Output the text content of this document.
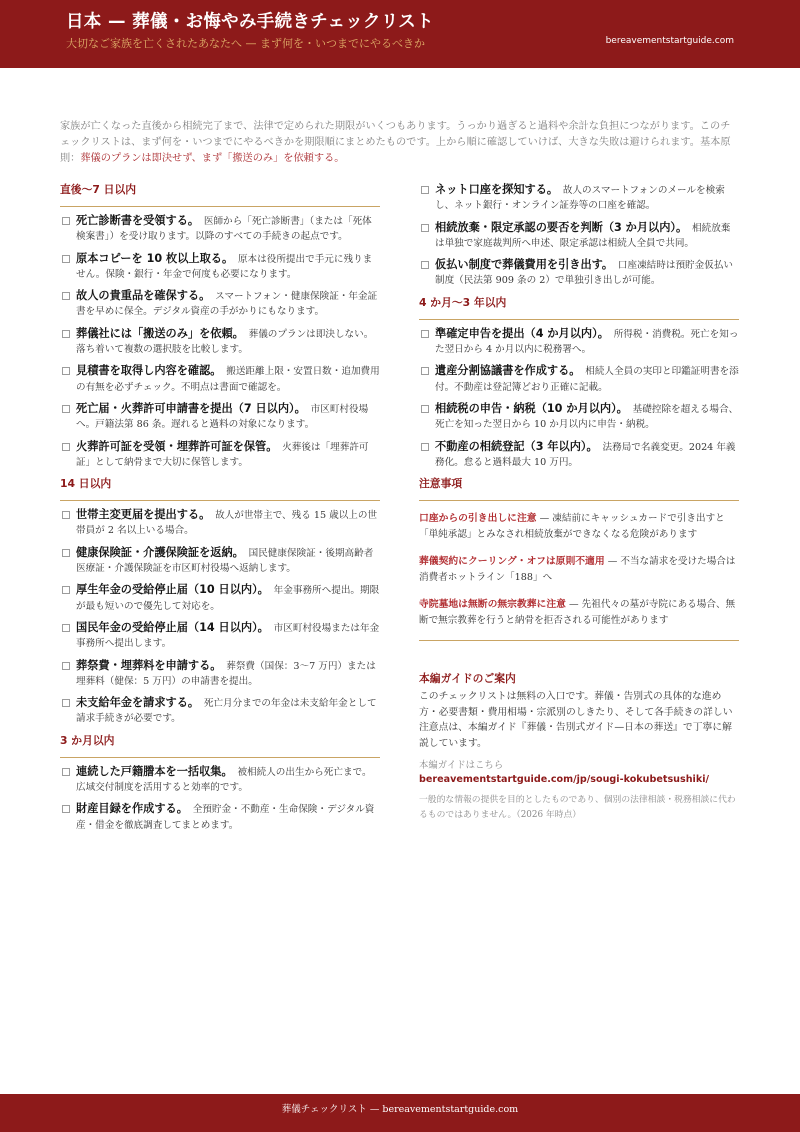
日本 — 葬儀・お悔やみ手続きチェックリスト
大切なご家族を亡くされたあなたへ — まず何を・いつまでにやるべきか	bereavementstartguide.com

家族が亡くなった直後から相続完了まで、法律で定められた期限がいくつもあります。うっかり過ぎると過料や余計な負担につながります。このチェックリストは、まず何を・いつまでにやるべきかを期限順にまとめたものです。上から順に確認していけば、大きな失敗は避けられます。基本原則：葬儀のプランは即決せず、まず「搬送のみ」を依頼する。

直後〜7 日以内
死亡診断書を受領する。  医師から「死亡診断書」（または「死体検案書」）を受け取ります。以降のすべての手続きの起点です。
原本コピーを 10 枚以上取る。  原本は役所提出で手元に残りません。保険・銀行・年金で何度も必要になります。
故人の貴重品を確保する。  スマートフォン・健康保険証・年金証書を早めに保全。デジタル資産の手がかりにもなります。
葬儀社には「搬送のみ」を依頼。  葬儀のプランは即決しない。落ち着いて複数の選択肢を比較します。
見積書を取得し内容を確認。  搬送距離上限・安置日数・追加費用の有無を必ずチェック。不明点は書面で確認を。
死亡届・火葬許可申請書を提出（7 日以内）。  市区町村役場へ。戸籍法第 86 条。遅れると過料の対象になります。
火葬許可証を受領・埋葬許可証を保管。  火葬後は「埋葬許可証」として納骨まで大切に保管します。
14 日以内
世帯主変更届を提出する。  故人が世帯主で、残る 15 歳以上の世帯員が 2 名以上いる場合。
健康保険証・介護保険証を返納。  国民健康保険証・後期高齢者医療証・介護保険証を市区町村役場へ返納します。
厚生年金の受給停止届（10 日以内）。  年金事務所へ提出。期限が最も短いので優先して対応を。
国民年金の受給停止届（14 日以内）。  市区町村役場または年金事務所へ提出します。
葬祭費・埋葬料を申請する。  葬祭費（国保：3〜7 万円）または埋葬料（健保：5 万円）の申請書を提出。
未支給年金を請求する。  死亡月分までの年金は未支給年金として請求手続きが必要です。
3 か月以内
連続した戸籍謄本を一括収集。  被相続人の出生から死亡まで。広域交付制度を活用すると効率的です。
財産目録を作成する。  全預貯金・不動産・生命保険・デジタル資産・借金を徹底調査してまとめます。
ネット口座を探知する。  故人のスマートフォンのメールを検索し、ネット銀行・オンライン証券等の口座を確認。
相続放棄・限定承認の要否を判断（3 か月以内）。  相続放棄は単独で家庭裁判所へ申述、限定承認は相続人全員で共同。
仮払い制度で葬儀費用を引き出す。  口座凍結時は預貯金仮払い制度（民法第 909 条の 2）で単独引き出しが可能。
4 か月〜3 年以内
準確定申告を提出（4 か月以内）。  所得税・消費税。死亡を知った翌日から 4 か月以内に税務署へ。
遺産分割協議書を作成する。  相続人全員の実印と印鑑証明書を添付。不動産は登記簿どおり正確に記載。
相続税の申告・納税（10 か月以内）。  基礎控除を超える場合、死亡を知った翌日から 10 か月以内に申告・納税。
不動産の相続登記（3 年以内）。  法務局で名義変更。2024 年義務化。怠ると過料最大 10 万円。
注意事項
口座からの引き出しに注意 — 凍結前にキャッシュカードで引き出すと「単純承認」とみなされ相続放棄ができなくなる危険があります
葬儀契約にクーリング・オフは原則不適用 — 不当な請求を受けた場合は消費者ホットライン「188」へ
寺院墓地は無断の無宗教葬に注意 — 先祖代々の墓が寺院にある場合、無断で無宗教葬を行うと納骨を拒否される可能性があります
本編ガイドのご案内
このチェックリストは無料の入口です。葬儀・告別式の具体的な進め方・必要書類・費用相場・宗派別のしきたり、そして各手続きの詳しい注意点は、本編ガイド『葬儀・告別式ガイド—日本の葬送』で丁寧に解説しています。
本編ガイドはこちら
bereavementstartguide.com/jp/sougi-kokubetsushiki/
一般的な情報の提供を目的としたものであり、個別の法律相談・税務相談に代わるものではありません。（2026 年時点）
葬儀チェックリスト — bereavementstartguide.com
